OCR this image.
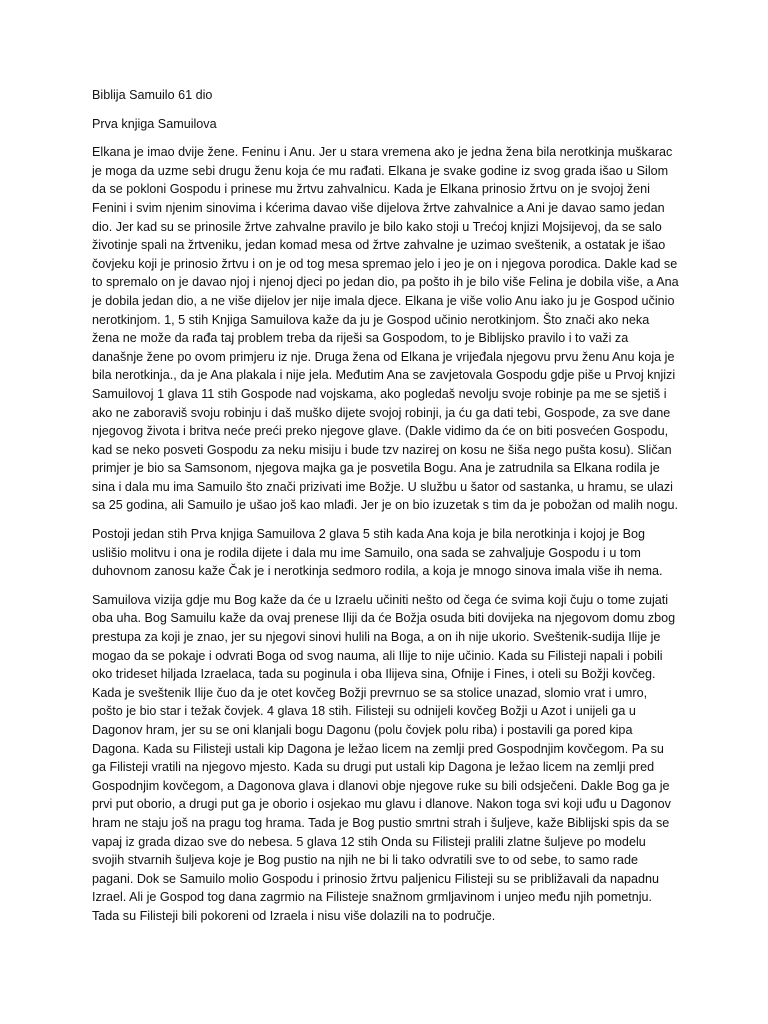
Biblija Samuilo 61 dio
Prva knjiga Samuilova

Elkana je imao dvije žene. Feninu i Anu. Jer u stara vremena ako je jedna žena bila nerotkinja muškarac je moga da uzme sebi drugu ženu koja će mu rađati. Elkana je svake godine iz svog grada išao u Silom da se pokloni Gospodu i prinese mu žrtvu zahvalnicu. Kada je Elkana prinosio žrtvu on je svojoj ženi Fenini i svim njenim sinovima i kćerima davao više dijelova žrtve zahvalnice a Ani je davao samo jedan dio. Jer kad su se prinosile žrtve zahvalne pravilo je bilo kako stoji u Trećoj knjizi Mojsijevoj, da se salo životinje spali na žrtveniku, jedan komad mesa od žrtve zahvalne je uzimao sveštenik, a ostatak je išao čovjeku koji je prinosio žrtvu i on je od tog mesa spremao jelo i jeo je on i njegova porodica. Dakle kad se to spremalo on je davao njoj i njenoj djeci po jedan dio, pa pošto ih je bilo više Felina je dobila više, a Ana je dobila jedan dio, a ne više dijelov jer nije imala djece. Elkana je više volio Anu iako ju je Gospod učinio nerotkinjom. 1, 5 stih Knjiga Samuilova kaže da ju je Gospod učinio nerotkinjom. Što znači ako neka žena ne može da rađa taj problem treba da riješi sa Gospodom, to je Biblijsko pravilo i to važi za današnje žene po ovom primjeru iz nje. Druga žena od Elkana je vrijeđala njegovu prvu ženu Anu koja je bila nerotkinja., da je Ana plakala i nije jela. Međutim Ana se zavjetovala Gospodu gdje piše u Prvoj knjizi Samuilovoj 1 glava 11 stih Gospode nad vojskama, ako pogledaš nevolju svoje robinje pa me se sjetiš i ako ne zaboraviš svoju robinju i daš muško dijete svojoj robinji, ja ću ga dati tebi, Gospode, za sve dane njegovog života i britva neće preći preko njegove glave. (Dakle vidimo da će on biti posvećen Gospodu, kad se neko posveti Gospodu za neku misiju i bude tzv nazirej on kosu ne šiša nego pušta kosu). Sličan primjer je bio sa Samsonom, njegova majka ga je posvetila Bogu. Ana je zatrudnila sa Elkana rodila je sina i dala mu ima Samuilo što znači prizivati ime Božje. U službu u šator od sastanka, u hramu, se ulazi sa 25 godina, ali Samuilo je ušao još kao mlađi. Jer je on bio izuzetak s tim da je pobožan od malih nogu.

Postoji jedan stih Prva knjiga Samuilova 2 glava 5 stih kada Ana koja je bila nerotkinja i kojoj je Bog uslišio molitvu i ona je rodila dijete i dala mu ime Samuilo, ona sada se zahvaljuje Gospodu i u tom duhovnom zanosu kaže Čak je i nerotkinja sedmoro rodila, a koja je mnogo sinova imala više ih nema.

Samuilova vizija gdje mu Bog kaže da će u Izraelu učiniti nešto od čega će svima koji čuju o tome zujati oba uha. Bog Samuilu kaže da ovaj prenese Iliji da će Božja osuda biti dovijeka na njegovom domu zbog prestupa za koji je znao, jer su njegovi sinovi hulili na Boga, a on ih nije ukorio. Sveštenik-sudija Ilije je mogao da se pokaje i odvrati Boga od svog nauma, ali Ilije to nije učinio. Kada su Filisteji napali i pobili oko trideset hiljada Izraelaca, tada su poginula i oba Ilijeva sina, Ofnije i Fines, i oteli su Božji kovčeg. Kada je sveštenik Ilije čuo da je otet kovčeg Božji prevrnuo se sa stolice unazad, slomio vrat i umro, pošto je bio star i težak čovjek. 4 glava 18 stih. Filisteji su odnijeli kovčeg Božji u Azot i unijeli ga u Dagonov hram, jer su se oni klanjali bogu Dagonu (polu čovjek polu riba) i postavili ga pored kipa Dagona. Kada su Filisteji ustali kip Dagona je ležao licem na zemlji pred Gospodnjim kovčegom. Pa su ga Filisteji vratili na njegovo mjesto. Kada su drugi put ustali kip Dagona je ležao licem na zemlji pred Gospodnjim kovčegom, a Dagonova glava i dlanovi obje njegove ruke su bili odsječeni. Dakle Bog ga je prvi put oborio, a drugi put ga je oborio i osjekao mu glavu i dlanove. Nakon toga svi koji uđu u Dagonov hram ne staju još na pragu tog hrama. Tada je Bog pustio smrtni strah i šuljeve, kaže Biblijski spis da se vapaj iz grada dizao sve do nebesa. 5 glava 12 stih Onda su Filisteji pralili zlatne šuljeve po modelu svojih stvarnih šuljeva koje je Bog pustio na njih ne bi li tako odvratili sve to od sebe, to samo rade pagani. Dok se Samuilo molio Gospodu i prinosio žrtvu paljenicu Filisteji su se približavali da napadnu Izrael. Ali je Gospod tog dana zagrmio na Filisteje snažnom grmljavinom i unjeo među njih pometnju. Tada su Filisteji bili pokoreni od Izraela i nisu više dolazili na to područje.
